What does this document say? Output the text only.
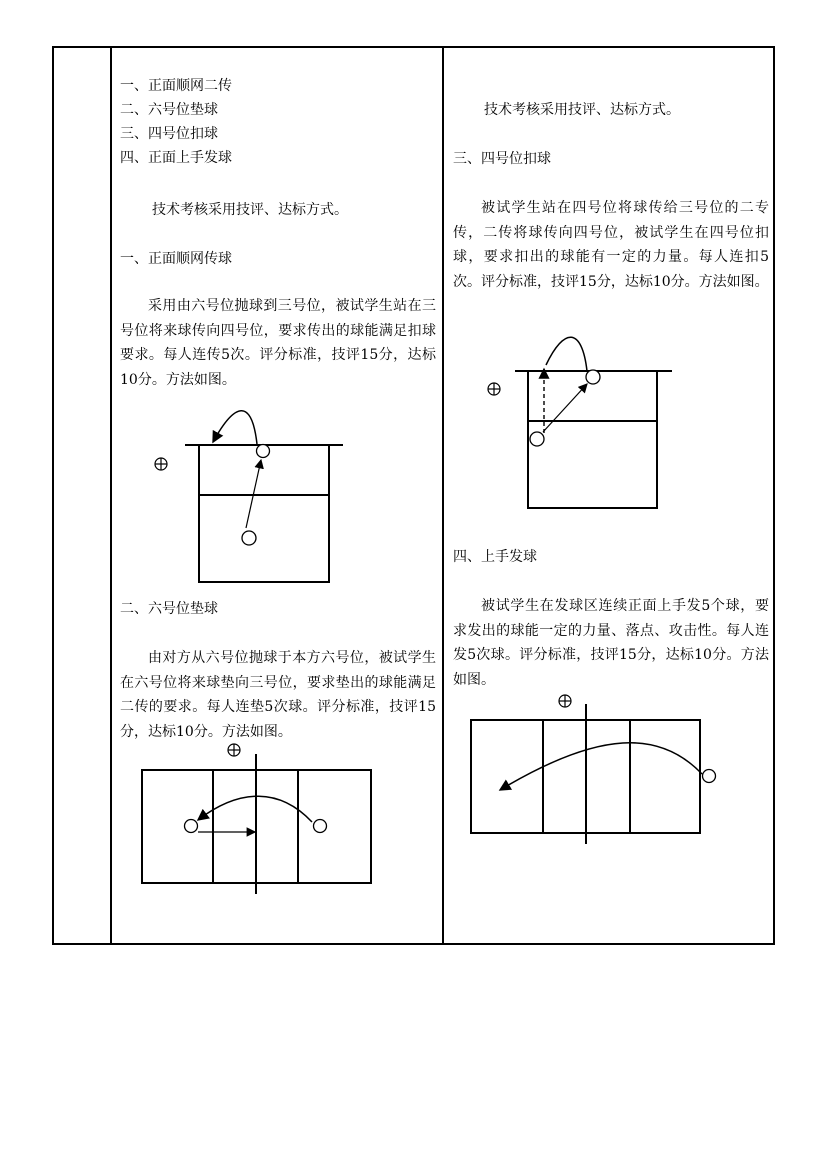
一、正面顺网二传

二、六号位垫球

三、四号位扣球

四、正面上手发球

技术考核采用技评、达标方式。

一、正面顺网传球

采用由六号位抛球到三号位，被试学生站在三号位将来球传向四号位，要求传出的球能满足扣球要求。每人连传5次。评分标准，技评15分，达标10分。方法如图。

二、六号位垫球

由对方从六号位抛球于本方六号位，被试学生在六号位将来球垫向三号位，要求垫出的球能满足二传的要求。每人连垫5次球。评分标准，技评15分，达标10分。方法如图。

技术考核采用技评、达标方式。

三、四号位扣球

被试学生站在四号位将球传给三号位的二专传，二传将球传向四号位，被试学生在四号位扣球，要求扣出的球能有一定的力量。每人连扣5次。评分标准，技评15分，达标10分。方法如图。

四、上手发球

被试学生在发球区连续正面上手发5个球，要求发出的球能一定的力量、落点、攻击性。每人连发5次球。评分标准，技评15分，达标10分。方法如图。
